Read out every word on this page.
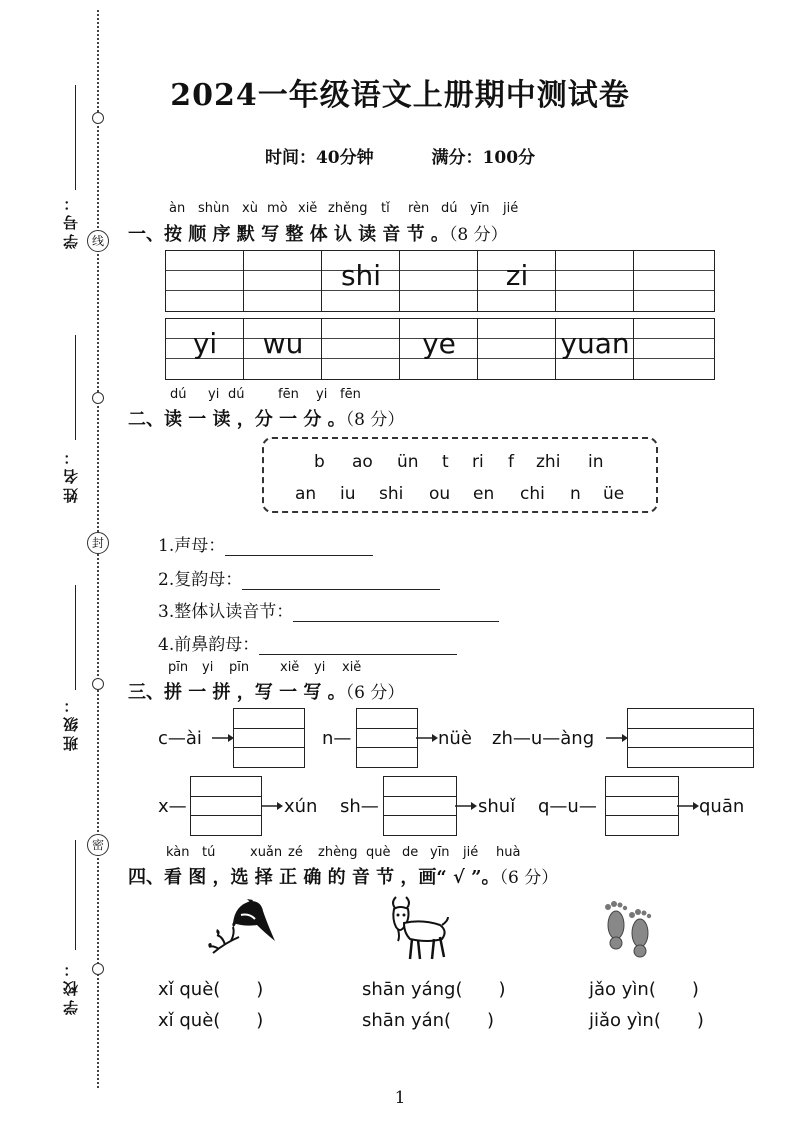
线
封
密
学号：
姓名：
班级：
学校：
2024一年级语文上册期中测试卷
时间：40分钟	满分：100分
àn shùn xù mò xiě zhěng tǐ rèn dú yīn jié
一、按 顺 序 默 写 整 体 认 读 音 节 。（8 分）
shi	zi
yi	wu	ye	yuan
dú yi dú	fēn yi fēn
二、读 一 读 ，分 一 分 。（8 分）
b ao ün t ri f zhi in
an iu shi ou en chi n üe
1.声母：
2.复韵母：
3.整体认读音节：
4.前鼻韵母：
pīn yi pīn xiě yi xiě
三、拼 一 拼 ，写 一 写 。（6 分）
c—ài	n—	nüè zh—u—àng
x—	xún sh—	shuǐ q—u—	quān
kàn tú	xuǎn zé zhèng què de yīn jié huà
四、看 图 ，选 择 正 确 的 音 节 ，画“ √ ”。（6 分）
xǐ què(　　)
xǐ què(　　)
shān yáng(　　)
shān yán(　　)
jǎo yìn(　　)
jiǎo yìn(　　)
1
